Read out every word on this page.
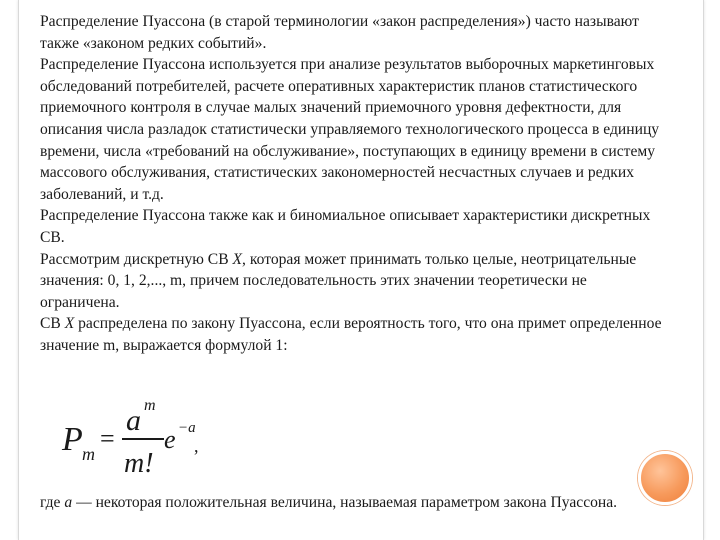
Распределение Пуассона (в старой терминологии «закон распределения») часто называют также «законом редких событий».

Распределение Пуассона используется при анализе результатов выборочных маркетинговых обследований потребителей, расчете оперативных характеристик планов статистического приемочного контроля в случае малых значений приемочного уровня дефектности, для описания числа разладок статистически управляемого технологического процесса в единицу времени, числа «требований на обслуживание», поступающих в единицу времени в систему массового обслуживания, статистических закономерностей несчастных случаев и редких заболеваний, и т.д.

Распределение Пуассона также как и биномиальное описывает характеристики дискретных СВ.

Рассмотрим дискретную СВ X, которая может принимать только целые, неотрицательные значения: 0, 1, 2,..., m, причем последовательность этих значении теоретически не ограничена.

СВ X распределена по закону Пуассона, если вероятность того, что она примет определенное значение m, выражается формулой 1:

P m
=
a m
m!
e −a
,

где a — некоторая положительная величина, называемая параметром закона Пуассона.
